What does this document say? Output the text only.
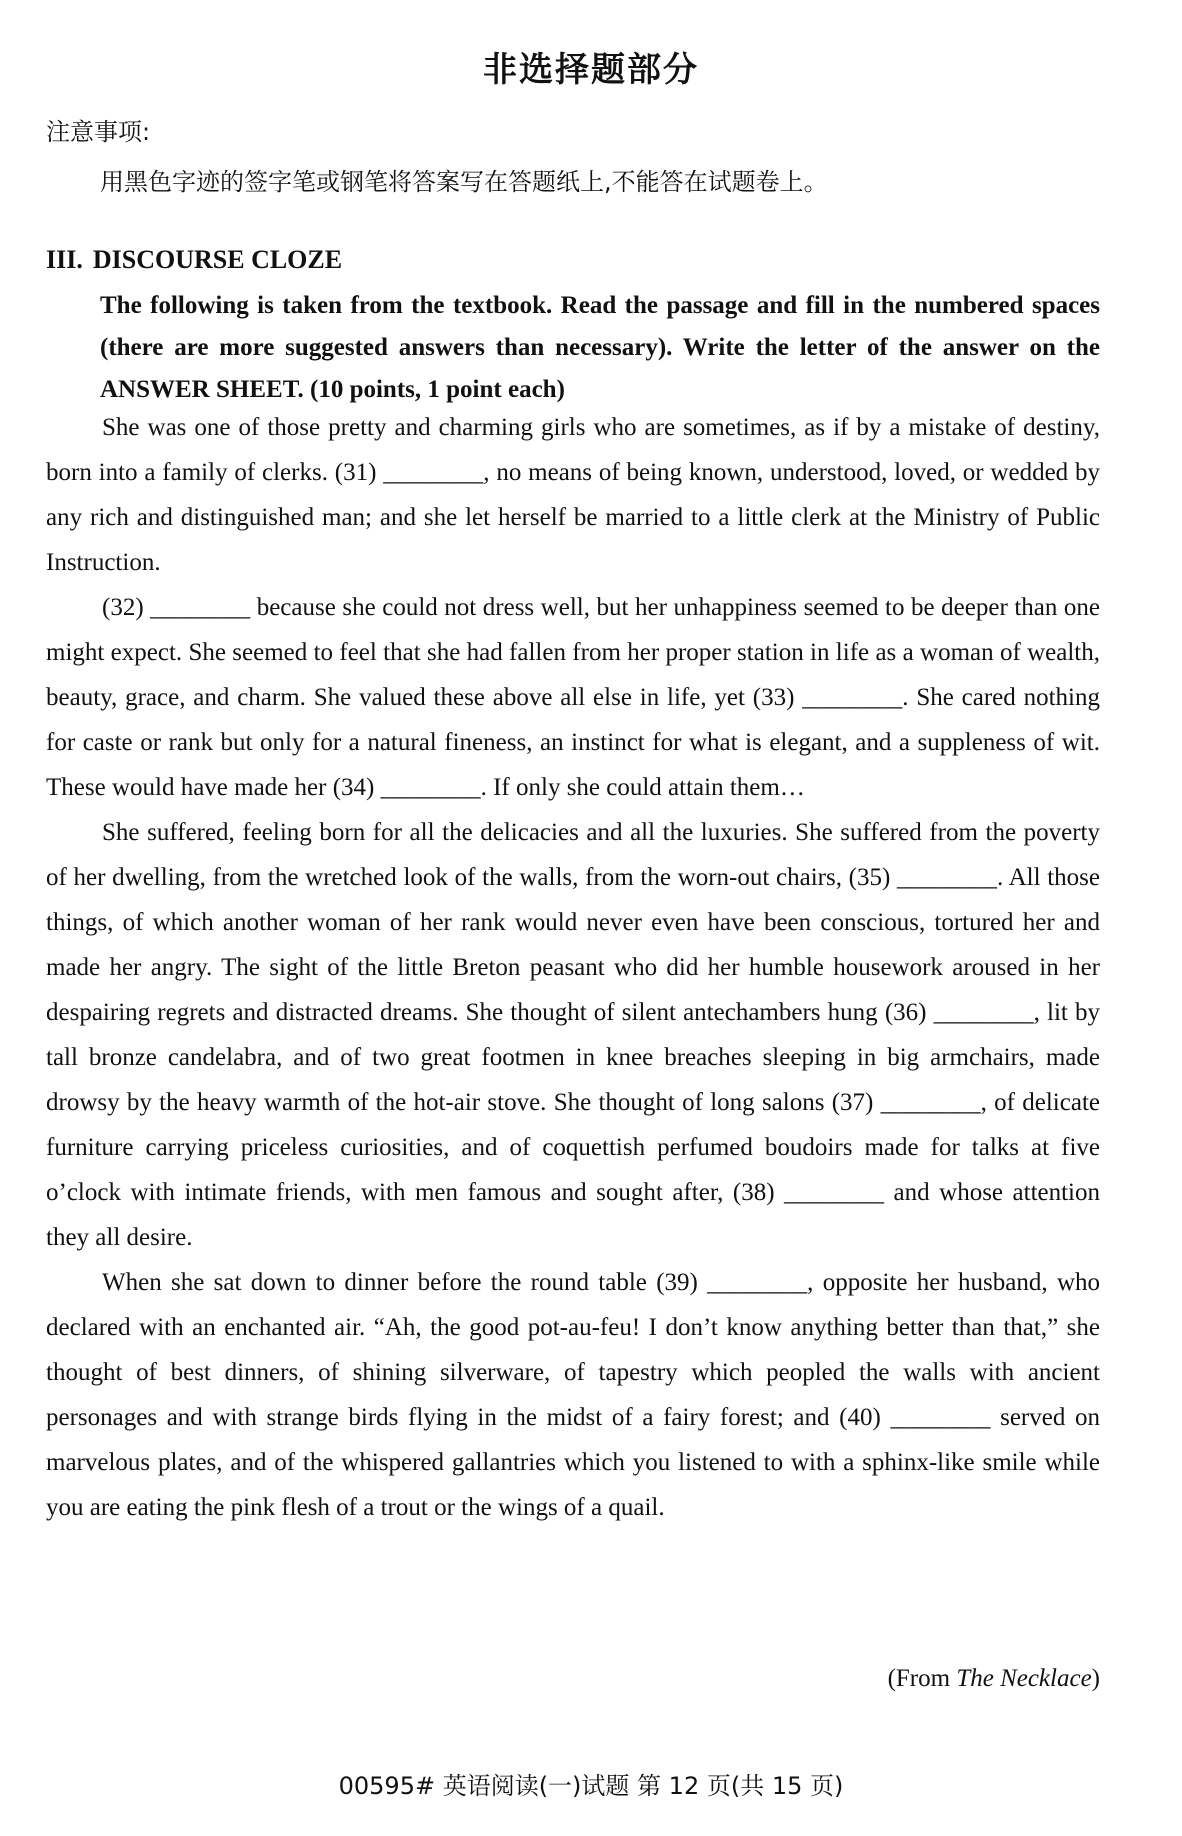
非选择题部分
注意事项:
用黑色字迹的签字笔或钢笔将答案写在答题纸上,不能答在试题卷上。
III. DISCOURSE CLOZE
The following is taken from the textbook. Read the passage and fill in the numbered spaces (there are more suggested answers than necessary). Write the letter of the answer on the ANSWER SHEET. (10 points, 1 point each)

She was one of those pretty and charming girls who are sometimes, as if by a mistake of destiny, born into a family of clerks. (31) ________, no means of being known, understood, loved, or wedded by any rich and distinguished man; and she let herself be married to a little clerk at the Ministry of Public Instruction.

(32) ________ because she could not dress well, but her unhappiness seemed to be deeper than one might expect. She seemed to feel that she had fallen from her proper station in life as a woman of wealth, beauty, grace, and charm. She valued these above all else in life, yet (33) ________. She cared nothing for caste or rank but only for a natural fineness, an instinct for what is elegant, and a suppleness of wit. These would have made her (34) ________. If only she could attain them…

She suffered, feeling born for all the delicacies and all the luxuries. She suffered from the poverty of her dwelling, from the wretched look of the walls, from the worn-out chairs, (35) ________. All those things, of which another woman of her rank would never even have been conscious, tortured her and made her angry. The sight of the little Breton peasant who did her humble housework aroused in her despairing regrets and distracted dreams. She thought of silent antechambers hung (36) ________, lit by tall bronze candelabra, and of two great footmen in knee breaches sleeping in big armchairs, made drowsy by the heavy warmth of the hot-air stove. She thought of long salons (37) ________, of delicate furniture carrying priceless curiosities, and of coquettish perfumed boudoirs made for talks at five o’clock with intimate friends, with men famous and sought after, (38) ________ and whose attention they all desire.

When she sat down to dinner before the round table (39) ________, opposite her husband, who declared with an enchanted air. “Ah, the good pot-au-feu! I don’t know anything better than that,” she thought of best dinners, of shining silverware, of tapestry which peopled the walls with ancient personages and with strange birds flying in the midst of a fairy forest; and (40) ________ served on marvelous plates, and of the whispered gallantries which you listened to with a sphinx-like smile while you are eating the pink flesh of a trout or the wings of a quail.

(From The Necklace)
00595# 英语阅读(一)试题 第 12 页(共 15 页)
